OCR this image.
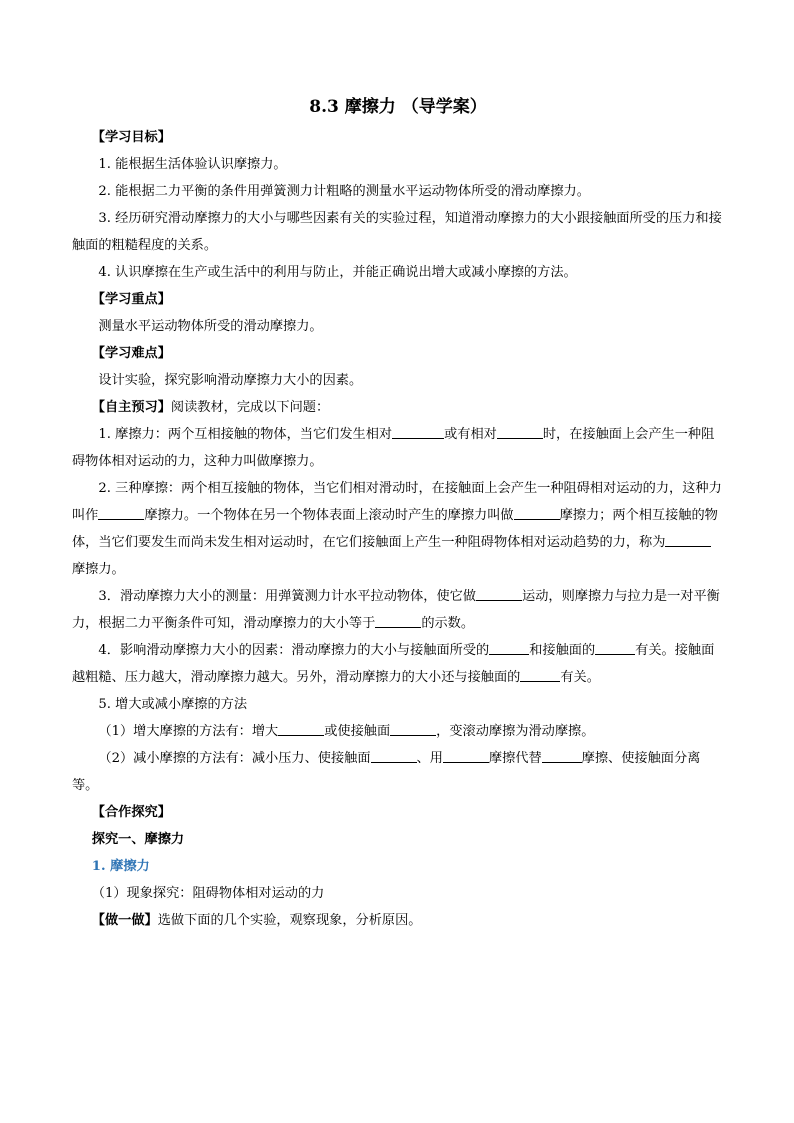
8.3 摩擦力 （导学案）

【学习目标】

1. 能根据生活体验认识摩擦力。

2. 能根据二力平衡的条件用弹簧测力计粗略的测量水平运动物体所受的滑动摩擦力。

3. 经历研究滑动摩擦力的大小与哪些因素有关的实验过程，知道滑动摩擦力的大小跟接触面所受的压力和接触面的粗糙程度的关系。

4. 认识摩擦在生产或生活中的利用与防止，并能正确说出增大或减小摩擦的方法。

【学习重点】

测量水平运动物体所受的滑动摩擦力。

【学习难点】

设计实验，探究影响滑动摩擦力大小的因素。

【自主预习】阅读教材，完成以下问题：

1. 摩擦力：两个互相接触的物体，当它们发生相对	或有相对	时，在接触面上会产生一种阻碍物体相对运动的力，这种力叫做摩擦力。

2. 三种摩擦：两个相互接触的物体，当它们相对滑动时，在接触面上会产生一种阻碍相对运动的力，这种力叫作	摩擦力。一个物体在另一个物体表面上滚动时产生的摩擦力叫做	摩擦力；两个相互接触的物体，当它们要发生而尚未发生相对运动时，在它们接触面上产生一种阻碍物体相对运动趋势的力，称为摩擦力。

3．滑动摩擦力大小的测量：用弹簧测力计水平拉动物体，使它做	运动，则摩擦力与拉力是一对平衡力，根据二力平衡条件可知，滑动摩擦力的大小等于	的示数。

4．影响滑动摩擦力大小的因素：滑动摩擦力的大小与接触面所受的	和接触面的	有关。接触面越粗糙、压力越大，滑动摩擦力越大。另外，滑动摩擦力的大小还与接触面的	有关。

5. 增大或减小摩擦的方法

（1）增大摩擦的方法有：增大	或使接触面	，变滚动摩擦为滑动摩擦。

（2）减小摩擦的方法有：减小压力、使接触面	、用	摩擦代替	摩擦、使接触面分离等。

【合作探究】

探究一、摩擦力

1. 摩擦力

（1）现象探究：阻碍物体相对运动的力

【做一做】选做下面的几个实验，观察现象，分析原因。
